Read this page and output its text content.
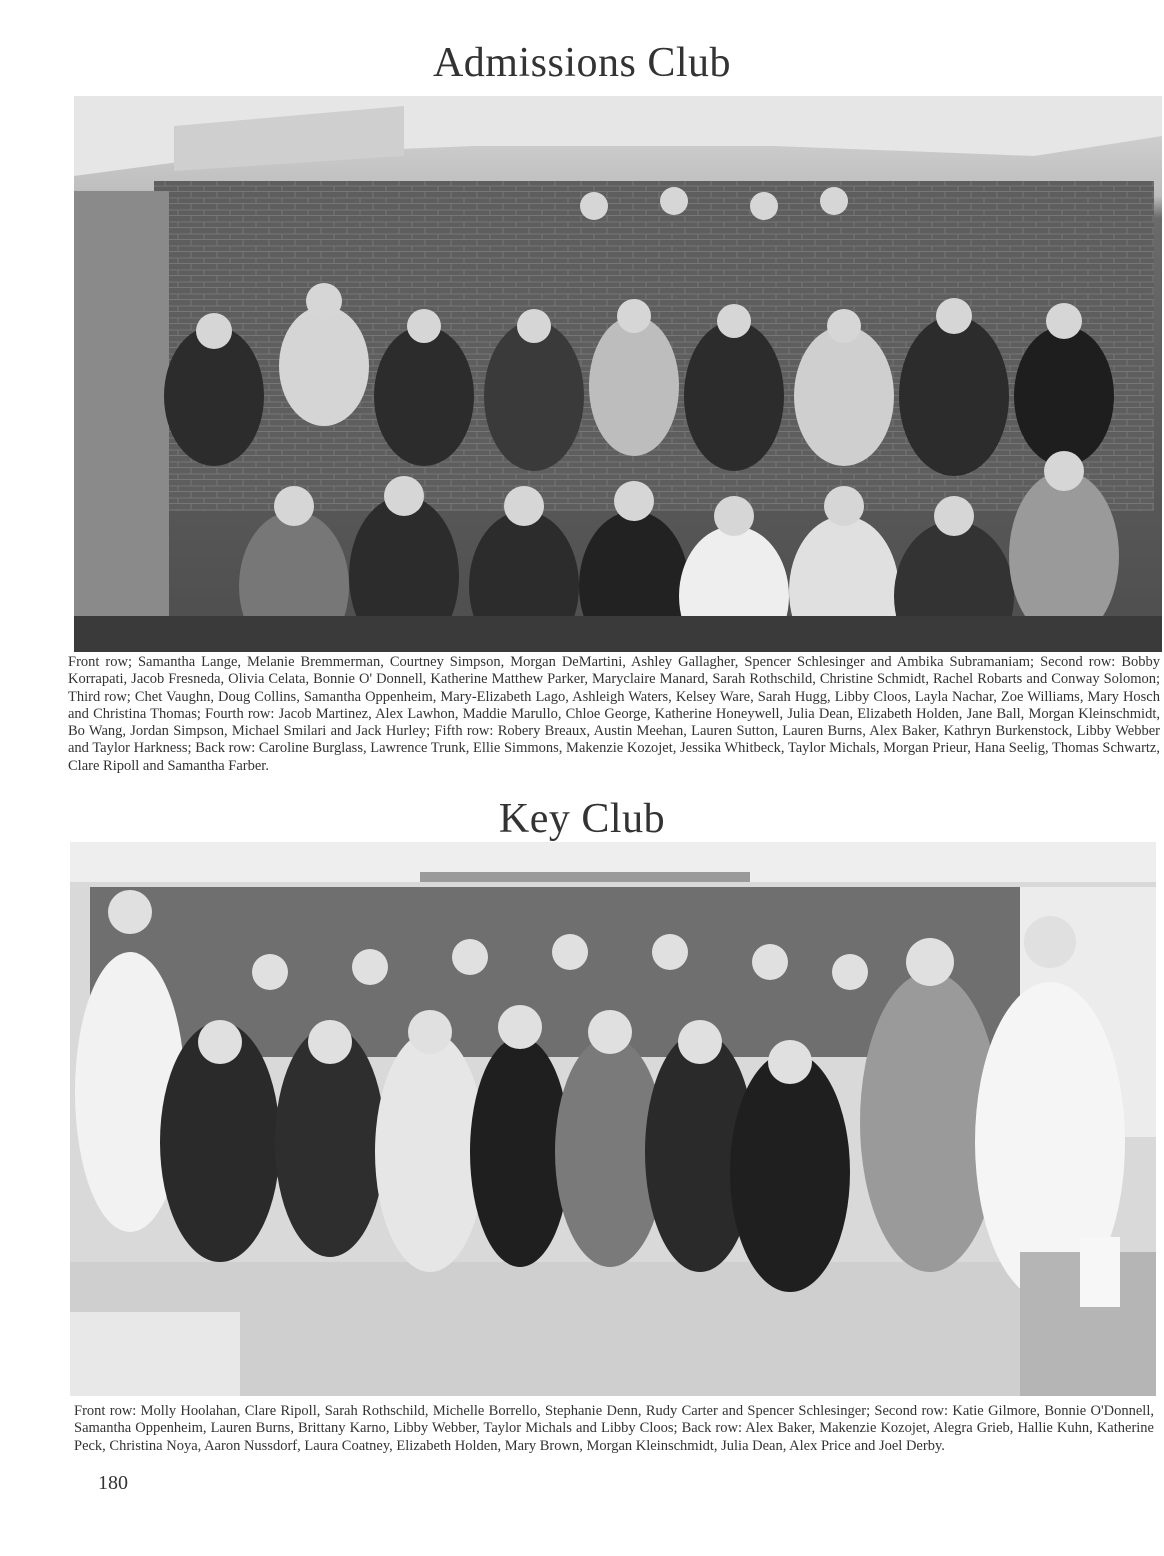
Admissions Club

Front row; Samantha Lange, Melanie Bremmerman, Courtney Simpson, Morgan DeMartini, Ashley Gallagher, Spencer Schlesinger and Ambika Subramaniam; Second row: Bobby Korrapati, Jacob Fresneda, Olivia Celata, Bonnie O' Donnell, Katherine Matthew Parker, Maryclaire Manard, Sarah Rothschild, Christine Schmidt, Rachel Robarts and Conway Solomon; Third row; Chet Vaughn, Doug Collins, Samantha Oppenheim, Mary-Elizabeth Lago, Ashleigh Waters, Kelsey Ware, Sarah Hugg, Libby Cloos, Layla Nachar, Zoe Williams, Mary Hosch and Christina Thomas; Fourth row: Jacob Martinez, Alex Lawhon, Maddie Marullo, Chloe George, Katherine Honeywell, Julia Dean, Elizabeth Holden, Jane Ball, Morgan Kleinschmidt, Bo Wang, Jordan Simpson, Michael Smilari and Jack Hurley; Fifth row: Robery Breaux, Austin Meehan, Lauren Sutton, Lauren Burns, Alex Baker, Kathryn Burkenstock, Libby Webber and Taylor Harkness; Back row: Caroline Burglass, Lawrence Trunk, Ellie Simmons, Makenzie Kozojet, Jessika Whitbeck, Taylor Michals, Morgan Prieur, Hana Seelig, Thomas Schwartz, Clare Ripoll and Samantha Farber.

Key Club

Front row: Molly Hoolahan, Clare Ripoll, Sarah Rothschild, Michelle Borrello, Stephanie Denn, Rudy Carter and Spencer Schlesinger; Second row: Katie Gilmore, Bonnie O'Donnell, Samantha Oppenheim, Lauren Burns, Brittany Karno, Libby Webber, Taylor Michals and Libby Cloos; Back row: Alex Baker, Makenzie Kozojet, Alegra Grieb, Hallie Kuhn, Katherine Peck, Christina Noya, Aaron Nussdorf, Laura Coatney, Elizabeth Holden, Mary Brown, Morgan Kleinschmidt, Julia Dean, Alex Price and Joel Derby.

180
